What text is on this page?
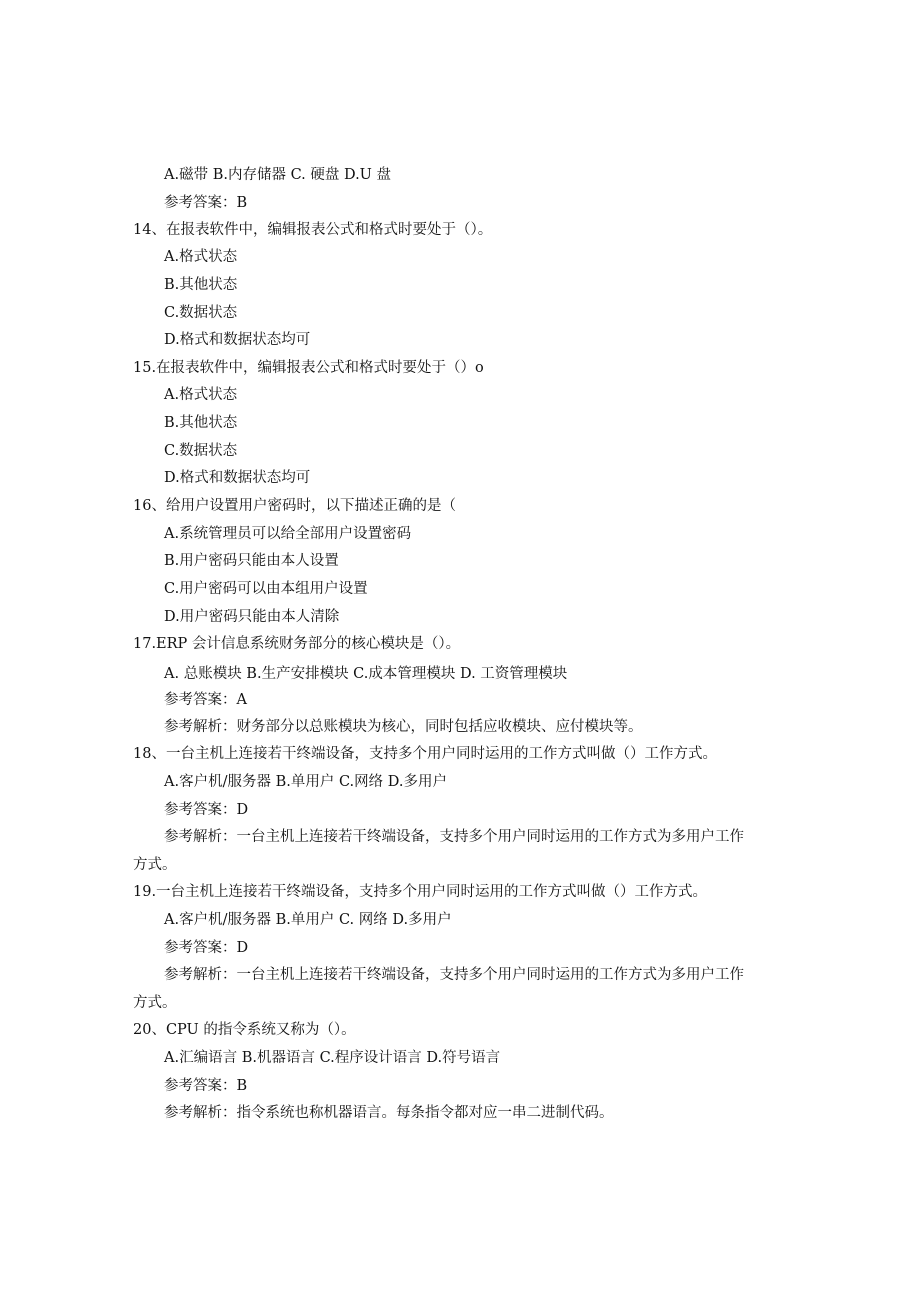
A.磁带 B.内存储器 C. 硬盘 D.U 盘
参考答案：B
14、在报表软件中，编辑报表公式和格式时要处于（）。
A.格式状态
B.其他状态
C.数据状态
D.格式和数据状态均可
15.在报表软件中，编辑报表公式和格式时要处于（）o
A.格式状态
B.其他状态
C.数据状态
D.格式和数据状态均可
16、给用户设置用户密码时，以下描述正确的是（
A.系统管理员可以给全部用户设置密码
B.用户密码只能由本人设置
C.用户密码可以由本组用户设置
D.用户密码只能由本人清除
17.ERP 会计信息系统财务部分的核心模块是（）。
A. 总账模块 B.生产安排模块 C.成本管理模块 D. 工资管理模块
参考答案：A
参考解析：财务部分以总账模块为核心，同时包括应收模块、应付模块等。
18、一台主机上连接若干终端设备，支持多个用户同时运用的工作方式叫做（）工作方式。
A.客户机/服务器 B.单用户 C.网络 D.多用户
参考答案：D
参考解析：一台主机上连接若干终端设备，支持多个用户同时运用的工作方式为多用户工作
方式。
19.一台主机上连接若干终端设备，支持多个用户同时运用的工作方式叫做（）工作方式。
A.客户机/服务器 B.单用户 C. 网络 D.多用户
参考答案：D
参考解析：一台主机上连接若干终端设备，支持多个用户同时运用的工作方式为多用户工作
方式。
20、CPU 的指令系统又称为（）。
A.汇编语言 B.机器语言 C.程序设计语言 D.符号语言
参考答案：B
参考解析：指令系统也称机器语言。每条指令都对应一串二进制代码。
